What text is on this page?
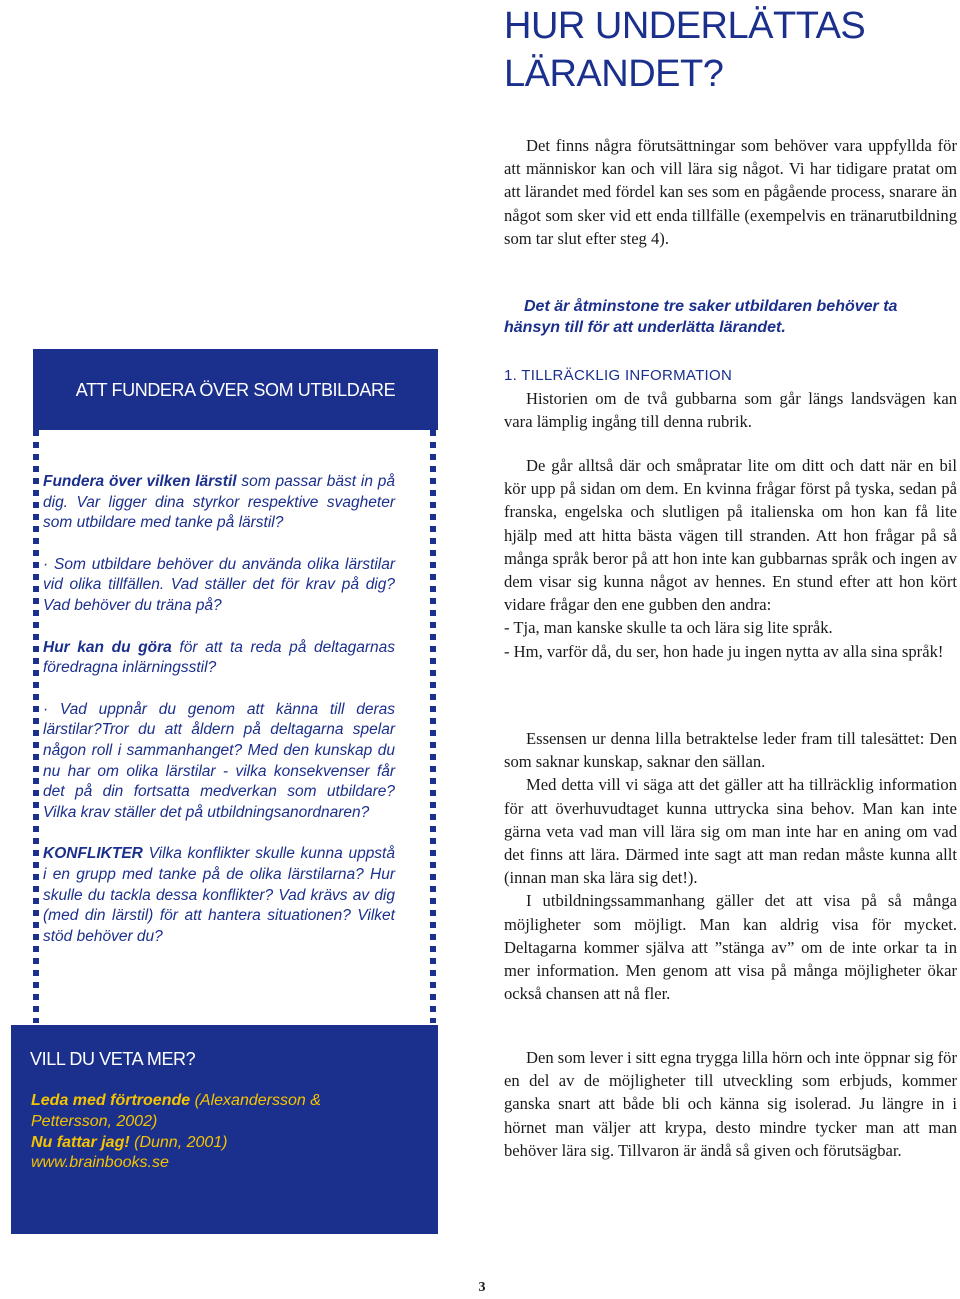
HUR UNDERLÄTTAS
LÄRANDET?

Det finns några förutsättningar som behöver vara uppfyllda för att människor kan och vill lära sig något. Vi har tidigare pratat om att lärandet med fördel kan ses som en pågående process, snarare än något som sker vid ett enda tillfälle (exempelvis en tränarutbildning som tar slut efter steg 4).

Det är åtminstone tre saker utbildaren behöver ta hänsyn till för att underlätta lärandet.

1. TILLRÄCKLIG INFORMATION

Historien om de två gubbarna som går längs landsvägen kan vara lämplig ingång till denna rubrik.

De går alltså där och småpratar lite om ditt och datt när en bil kör upp på sidan om dem. En kvinna frågar först på tyska, sedan på franska, engelska och slutligen på italienska om hon kan få lite hjälp med att hitta bästa vägen till stranden. Att hon frågar på så många språk beror på att hon inte kan gubbarnas språk och ingen av dem visar sig kunna något av hennes. En stund efter att hon kört vidare frågar den ene gubben den andra:

- Tja, man kanske skulle ta och lära sig lite språk.

- Hm, varför då, du ser, hon hade ju ingen nytta av alla sina språk!

Essensen ur denna lilla betraktelse leder fram till talesättet: Den som saknar kunskap, saknar den sällan.

Med detta vill vi säga att det gäller att ha tillräcklig information för att överhuvudtaget kunna uttrycka sina behov. Man kan inte gärna veta vad man vill lära sig om man inte har en aning om vad det finns att lära. Därmed inte sagt att man redan måste kunna allt (innan man ska lära sig det!).

I utbildningssammanhang gäller det att visa på så många möjligheter som möjligt. Man kan aldrig visa för mycket. Deltagarna kommer själva att ”stänga av” om de inte orkar ta in mer information. Men genom att visa på många möjligheter ökar också chansen att nå fler.

Den som lever i sitt egna trygga lilla hörn och inte öppnar sig för en del av de möjligheter till utveckling som erbjuds, kommer ganska snart att både bli och känna sig isolerad. Ju längre in i hörnet man väljer att krypa, desto mindre tycker man att man behöver lära sig. Tillvaron är ändå så given och förutsägbar.

ATT FUNDERA ÖVER SOM UTBILDARE

Fundera över vilken lärstil som passar bäst in på dig. Var ligger dina styrkor respektive svagheter som utbildare med tanke på lärstil?

· Som utbildare behöver du använda olika lärstilar vid olika tillfällen. Vad ställer det för krav på dig? Vad behöver du träna på?

Hur kan du göra för att ta reda på deltagarnas föredragna inlärningsstil?

· Vad uppnår du genom att känna till deras lärstilar?Tror du att åldern på deltagarna spelar någon roll i sammanhanget? Med den kunskap du nu har om olika lärstilar - vilka konsekvenser får det på din fortsatta medverkan som utbildare? Vilka krav ställer det på utbildningsanordnaren?

KONFLIKTER Vilka konflikter skulle kunna uppstå i en grupp med tanke på de olika lärstilarna? Hur skulle du tackla dessa konflikter? Vad krävs av dig (med din lärstil) för att hantera situationen? Vilket stöd behöver du?

VILL DU VETA MER?

Leda med förtroende (Alexandersson & Pettersson, 2002)
Nu fattar jag! (Dunn, 2001)
www.brainbooks.se

3
